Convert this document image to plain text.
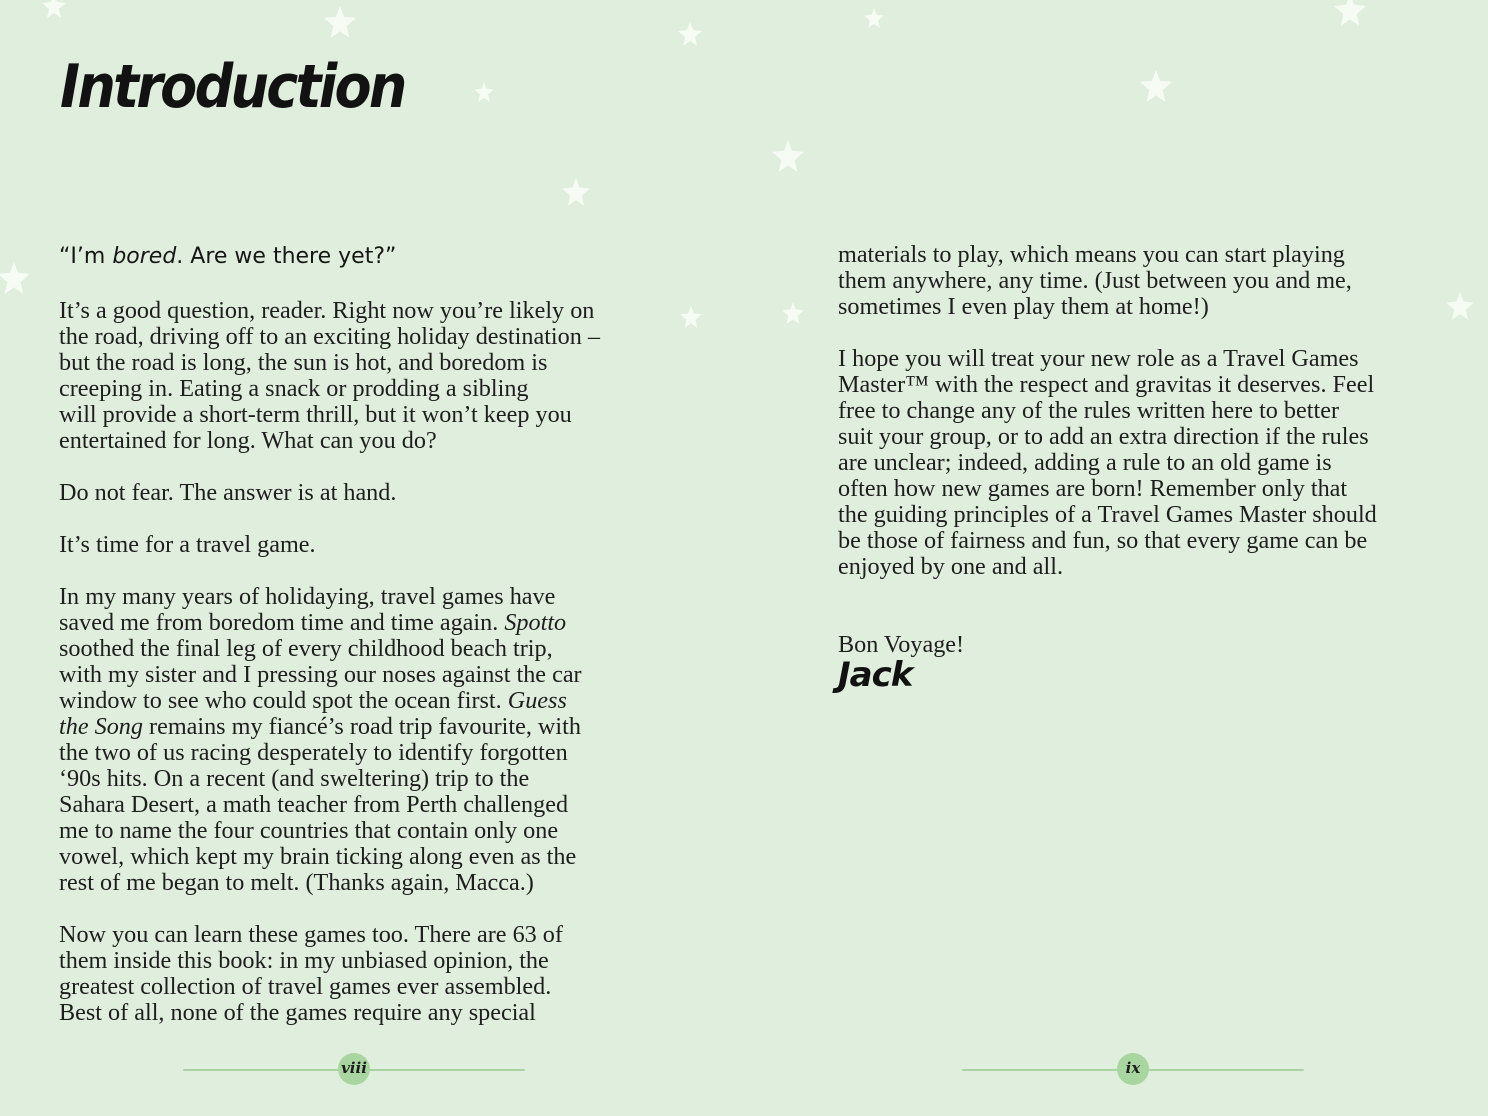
Introduction
“I’m bored. Are we there yet?”

It’s a good question, reader. Right now you’re likely on
the road, driving off to an exciting holiday destination –
but the road is long, the sun is hot, and boredom is
creeping in. Eating a snack or prodding a sibling
will provide a short-term thrill, but it won’t keep you
entertained for long. What can you do?

Do not fear. The answer is at hand.

It’s time for a travel game.

In my many years of holidaying, travel games have
saved me from boredom time and time again. Spotto
soothed the final leg of every childhood beach trip,
with my sister and I pressing our noses against the car
window to see who could spot the ocean first. Guess
the Song remains my fiancé’s road trip favourite, with
the two of us racing desperately to identify forgotten
‘90s hits. On a recent (and sweltering) trip to the
Sahara Desert, a math teacher from Perth challenged
me to name the four countries that contain only one
vowel, which kept my brain ticking along even as the
rest of me began to melt. (Thanks again, Macca.)

Now you can learn these games too. There are 63 of
them inside this book: in my unbiased opinion, the
greatest collection of travel games ever assembled.
Best of all, none of the games require any special

materials to play, which means you can start playing
them anywhere, any time. (Just between you and me,
sometimes I even play them at home!)

I hope you will treat your new role as a Travel Games
Master™ with the respect and gravitas it deserves. Feel
free to change any of the rules written here to better
suit your group, or to add an extra direction if the rules
are unclear; indeed, adding a rule to an old game is
often how new games are born! Remember only that
the guiding principles of a Travel Games Master should
be those of fairness and fun, so that every game can be
enjoyed by one and all.

Bon Voyage!
Jack
viii	ix
